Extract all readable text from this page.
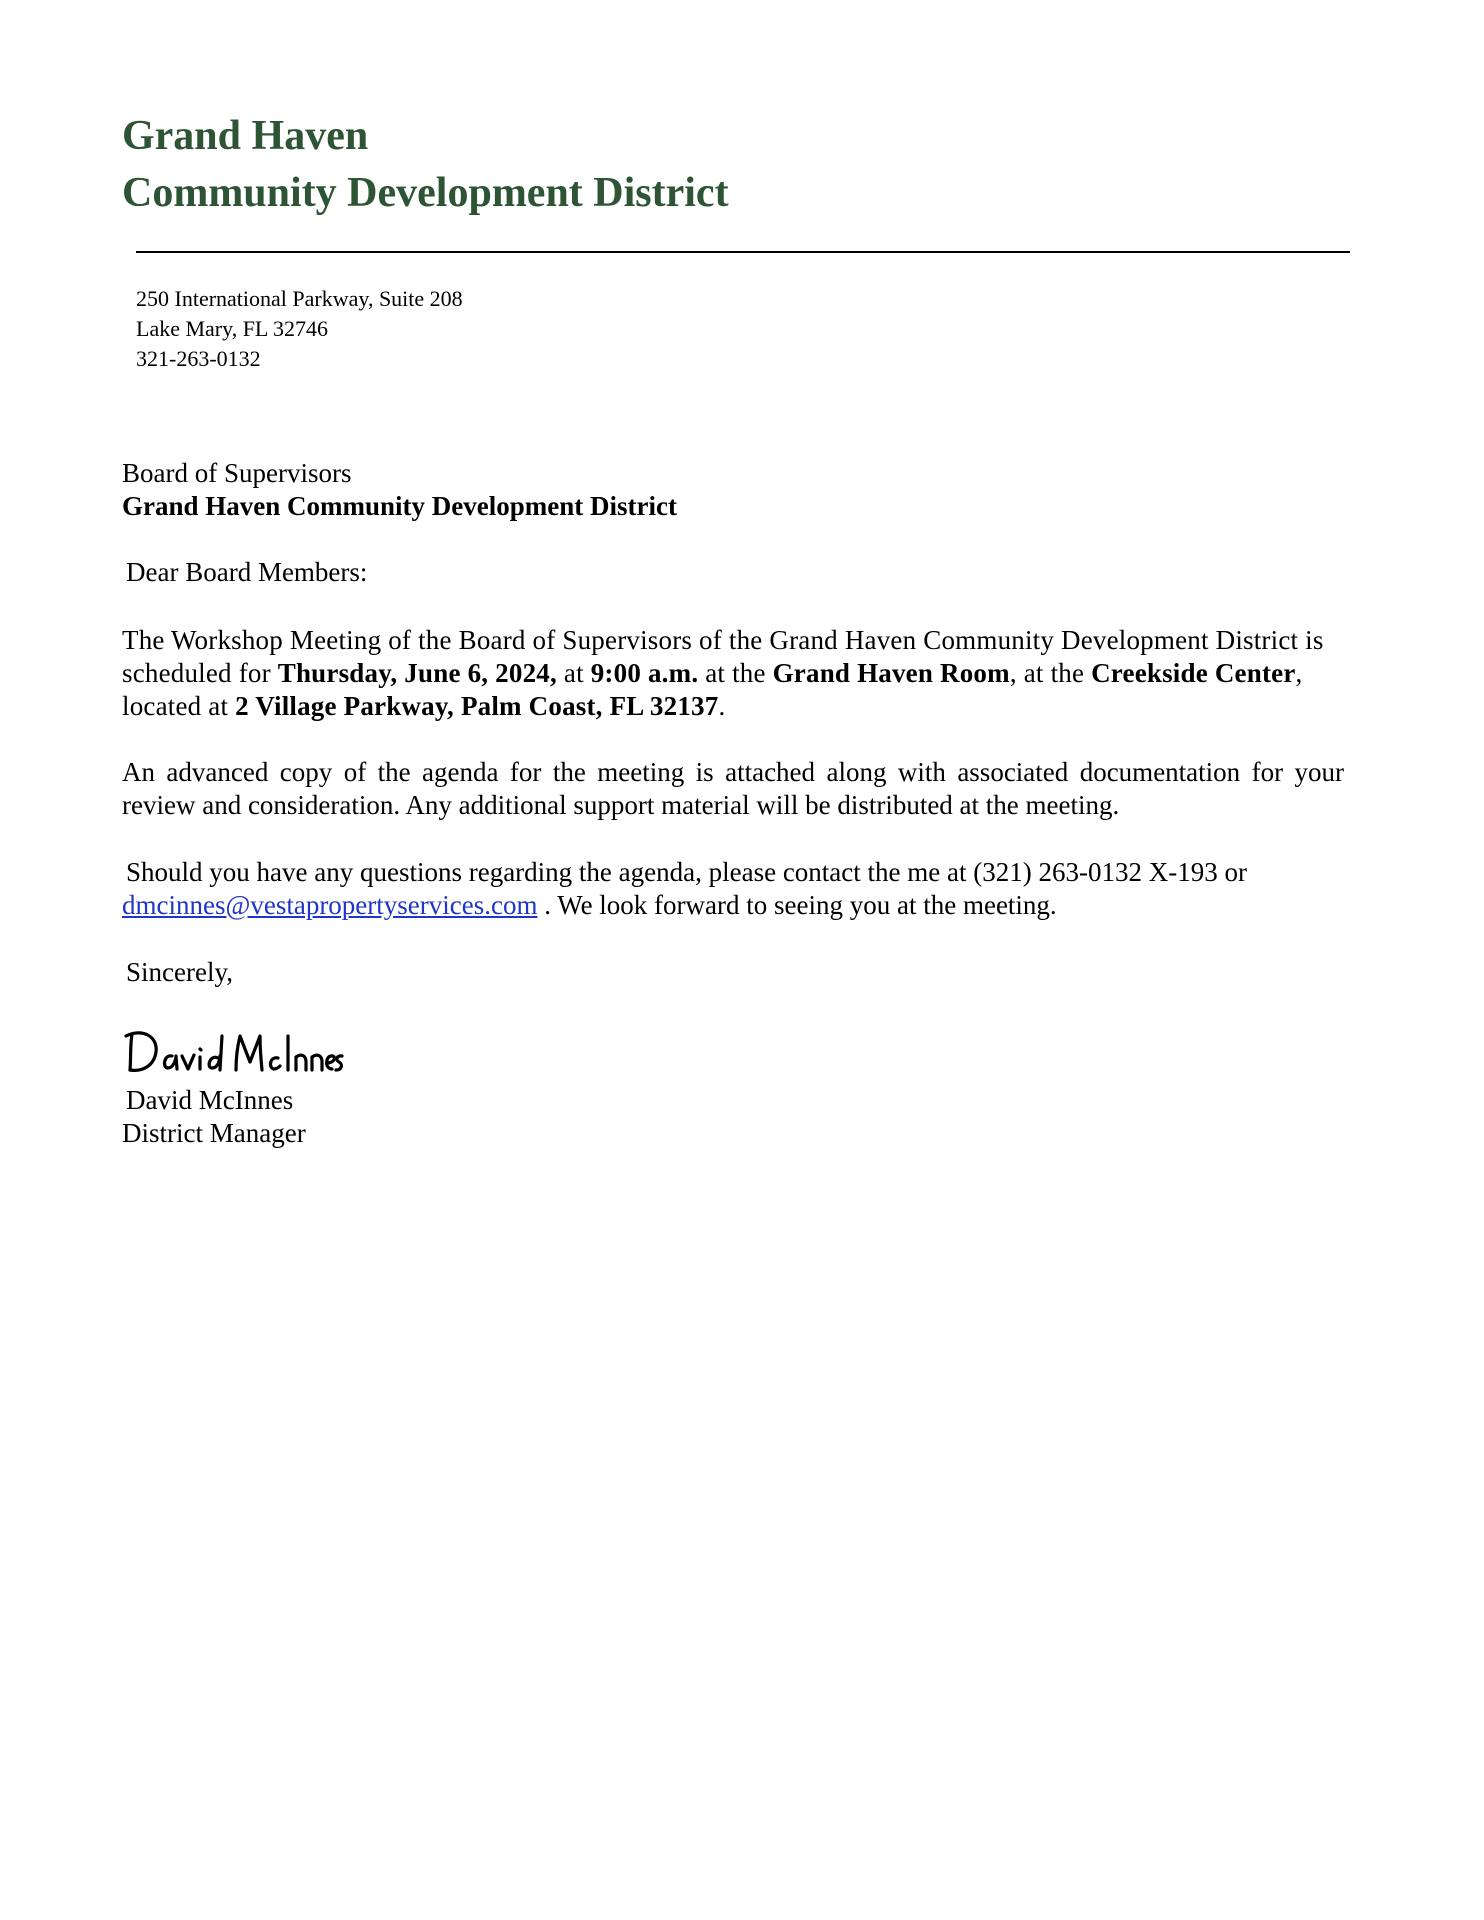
Grand Haven
Community Development District
250 International Parkway, Suite 208
Lake Mary, FL 32746
321-263-0132
Board of Supervisors
Grand Haven Community Development District
Dear Board Members:

The Workshop Meeting of the Board of Supervisors of the Grand Haven Community Development District is scheduled for Thursday, June 6, 2024, at 9:00 a.m. at the Grand Haven Room, at the Creekside Center, located at 2 Village Parkway, Palm Coast, FL 32137.

An advanced copy of the agenda for the meeting is attached along with associated documentation for your review and consideration. Any additional support material will be distributed at the meeting.

Should you have any questions regarding the agenda, please contact the me at (321) 263-0132 X-193 or dmcinnes@vestapropertyservices.com . We look forward to seeing you at the meeting.

Sincerely,
David McInnes
District Manager
